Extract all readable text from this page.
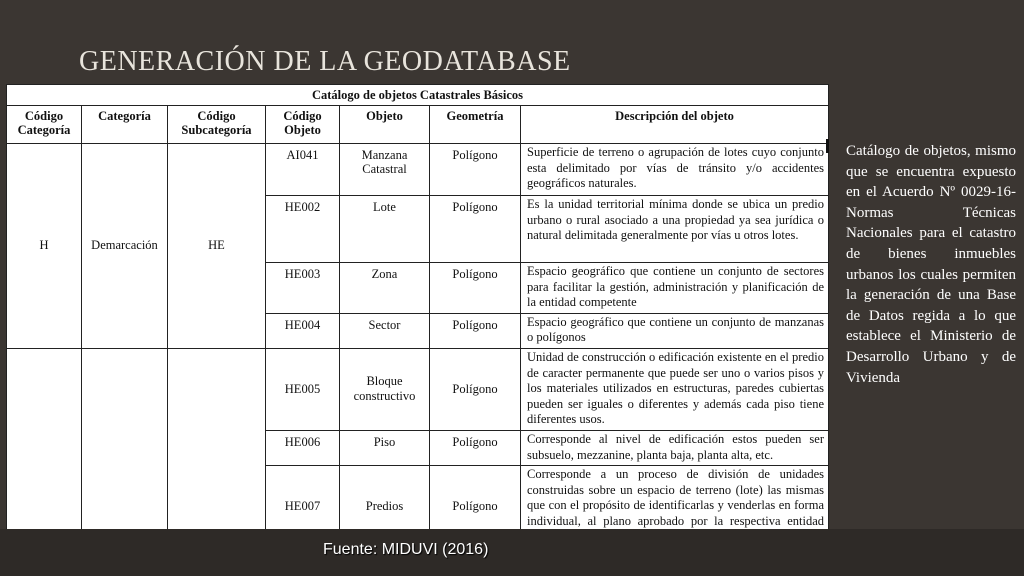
GENERACIÓN DE LA GEODATABASE
Catálogo de objetos Catastrales Básicos						
Código Categoría	Categoría	Código Subcategoría	Código Objeto	Objeto	Geometría	Descripción del objeto
H	Demarcación	HE	AI041	Manzana Catastral	Polígono	Superficie de terreno o agrupación de lotes cuyo conjunto esta delimitado por vías de tránsito y/o accidentes geográficos naturales.
			HE002	Lote	Polígono	Es la unidad territorial mínima donde se ubica un predio urbano o rural asociado a una propiedad ya sea jurídica o natural delimitada generalmente por vías u otros lotes.
			HE003	Zona	Polígono	Espacio geográfico que contiene un conjunto de sectores para facilitar la gestión, administración y planificación de la entidad competente
			HE004	Sector	Polígono	Espacio geográfico que contiene un conjunto de manzanas o polígonos
			HE005	Bloque constructivo	Polígono	Unidad de construcción o edificación existente en el predio de caracter permanente que puede ser uno o varios pisos y los materiales utilizados en estructuras, paredes cubiertas pueden ser iguales o diferentes y además cada piso tiene diferentes usos.
			HE006	Piso	Polígono	Corresponde al nivel de edificación estos pueden ser subsuelo, mezzanine, planta baja, planta alta, etc.
			HE007	Predios	Polígono	Corresponde a un proceso de división de unidades construidas sobre un espacio de terreno (lote) las mismas que con el propósito de identificarlas y venderlas en forma individual, al plano aprobado por la respectiva entidad
Catálogo de objetos, mismo que se encuentra expuesto en el Acuerdo Nº 0029-16- Normas Técnicas Nacionales para el catastro de bienes inmuebles urbanos los cuales permiten la generación de una Base de Datos regida a lo que establece el Ministerio de Desarrollo Urbano y de Vivienda
Fuente: MIDUVI (2016)
